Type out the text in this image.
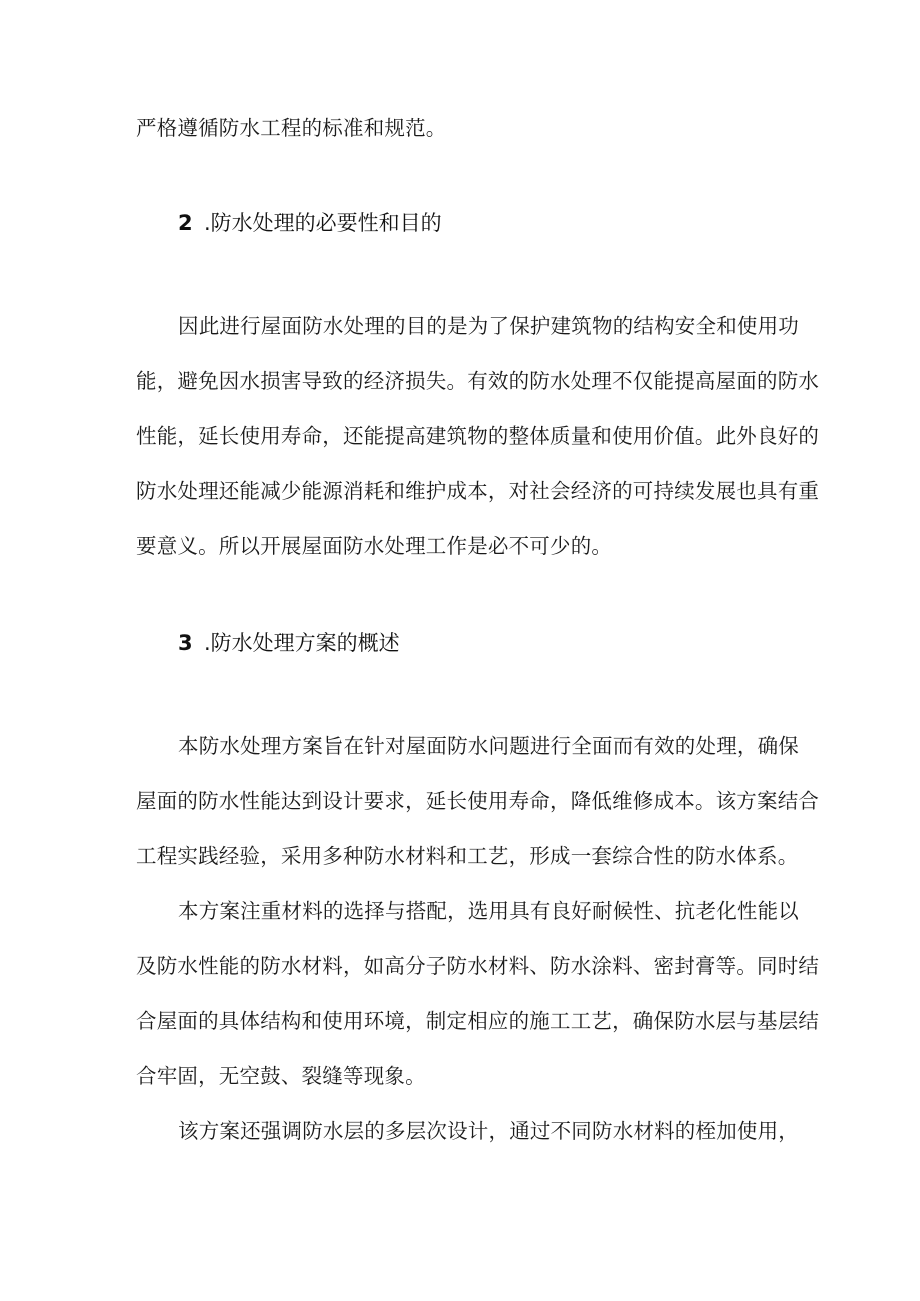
严格遵循防水工程的标准和规范。
2 .防水处理的必要性和目的
因此进行屋面防水处理的目的是为了保护建筑物的结构安全和使用功
能，避免因水损害导致的经济损失。有效的防水处理不仅能提高屋面的防水
性能，延长使用寿命，还能提高建筑物的整体质量和使用价值。此外良好的
防水处理还能减少能源消耗和维护成本，对社会经济的可持续发展也具有重
要意义。所以开展屋面防水处理工作是必不可少的。
3 .防水处理方案的概述
本防水处理方案旨在针对屋面防水问题进行全面而有效的处理，确保
屋面的防水性能达到设计要求，延长使用寿命，降低维修成本。该方案结合
工程实践经验，采用多种防水材料和工艺，形成一套综合性的防水体系。
本方案注重材料的选择与搭配，选用具有良好耐候性、抗老化性能以
及防水性能的防水材料，如高分子防水材料、防水涂料、密封膏等。同时结
合屋面的具体结构和使用环境，制定相应的施工工艺，确保防水层与基层结
合牢固，无空鼓、裂缝等现象。
该方案还强调防水层的多层次设计，通过不同防水材料的桎加使用，
